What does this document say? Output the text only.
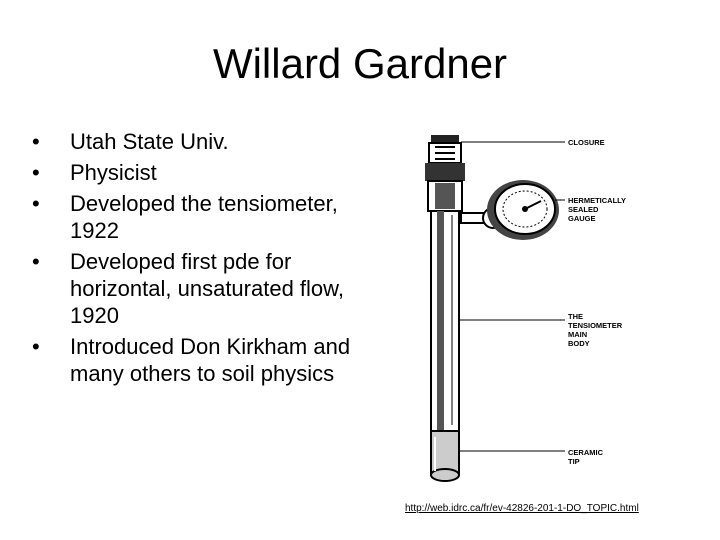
Willard Gardner
• Utah State Univ.
• Physicist
• Developed the tensiometer, 1922
• Developed first pde for horizontal, unsaturated flow, 1920
• Introduced Don Kirkham and many others to soil physics
CLOSURE
HERMETICALLY
SEALED
GAUGE
THE
TENSIOMETER
MAIN
BODY
CERAMIC
TIP
http://web.idrc.ca/fr/ev-42826-201-1-DO_TOPIC.html
